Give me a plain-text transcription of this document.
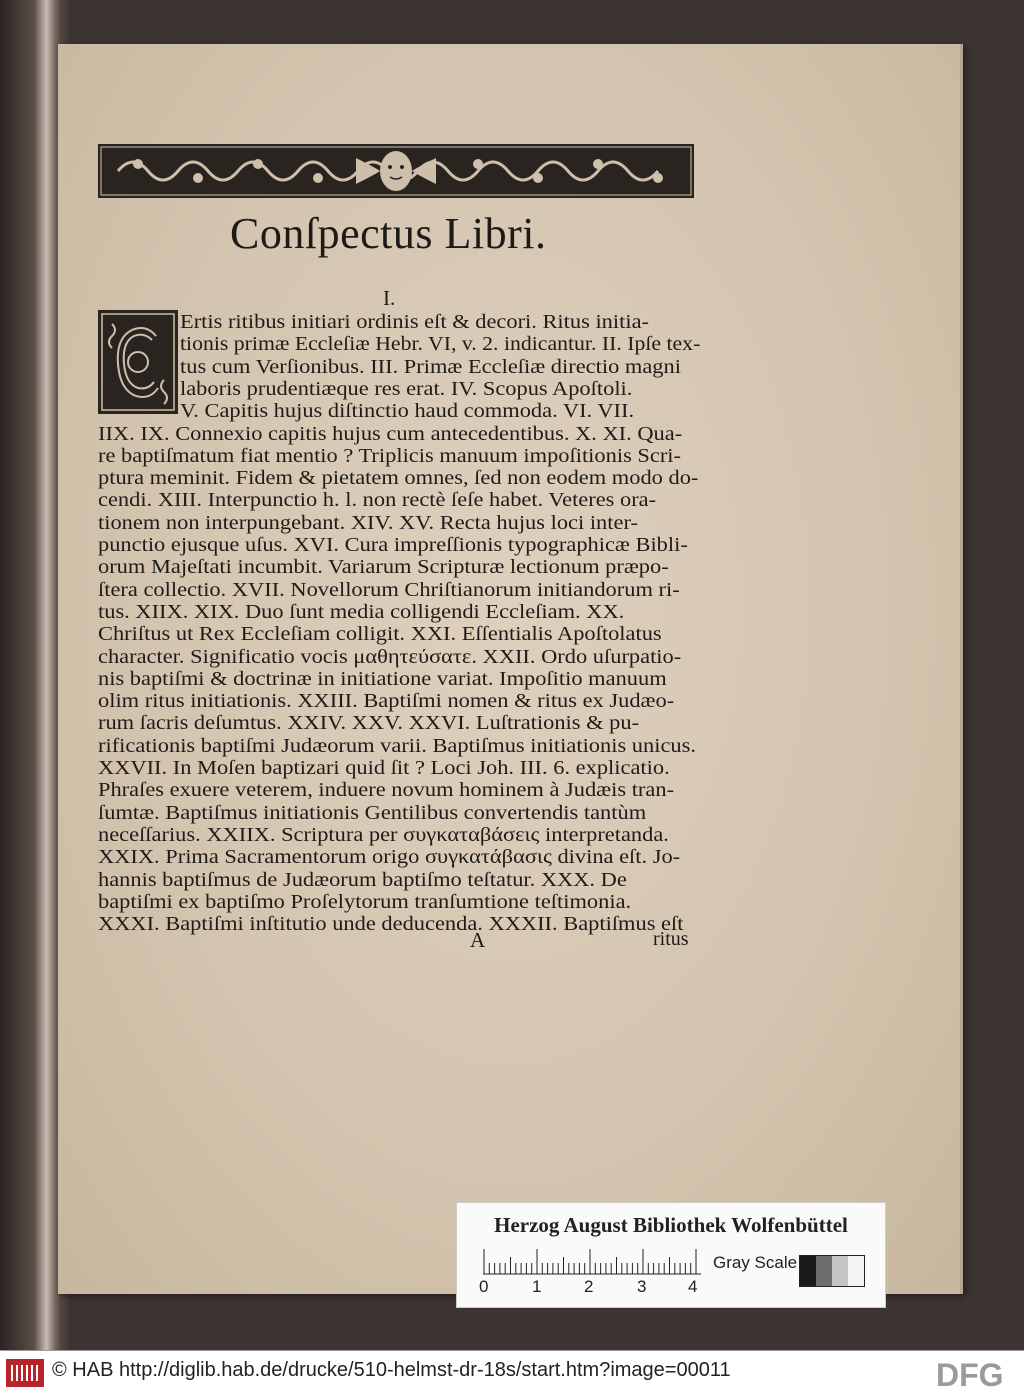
Conſpectus Libri.
I.
Ertis ritibus initiari ordinis eſt & decori. Ritus initia-
tionis primæ Eccleſiæ Hebr. VI, v. 2. indicantur. II. Ipſe tex-
tus cum Verſionibus. III. Primæ Eccleſiæ directio magni
laboris prudentiæque res erat. IV. Scopus Apoſtoli.
V. Capitis hujus diſtinctio haud commoda. VI. VII.
IIX. IX. Connexio capitis hujus cum antecedentibus. X. XI. Qua-
re baptiſmatum fiat mentio ? Triplicis manuum impoſitionis Scri-
ptura meminit. Fidem & pietatem omnes, ſed non eodem modo do-
cendi. XIII. Interpunctio h. l. non rectè ſeſe habet. Veteres ora-
tionem non interpungebant. XIV. XV. Recta hujus loci inter-
punctio ejusque uſus. XVI. Cura impreſſionis typographicæ Bibli-
orum Majeſtati incumbit. Variarum Scripturæ lectionum præpo-
ſtera collectio. XVII. Novellorum Chriſtianorum initiandorum ri-
tus. XIIX. XIX. Duo ſunt media colligendi Eccleſiam. XX.
Chriſtus ut Rex Eccleſiam colligit. XXI. Eſſentialis Apoſtolatus
character. Significatio vocis μαθητεύσατε. XXII. Ordo uſurpatio-
nis baptiſmi & doctrinæ in initiatione variat. Impoſitio manuum
olim ritus initiationis. XXIII. Baptiſmi nomen & ritus ex Judæo-
rum ſacris deſumtus. XXIV. XXV. XXVI. Luſtrationis & pu-
rificationis baptiſmi Judæorum varii. Baptiſmus initiationis unicus.
XXVII. In Moſen baptizari quid ſit ? Loci Joh. III. 6. explicatio.
Phraſes exuere veterem, induere novum hominem à Judæis tran-
ſumtæ. Baptiſmus initiationis Gentilibus convertendis tantùm
neceſſarius. XXIIX. Scriptura per συγκαταβάσεις interpretanda.
XXIX. Prima Sacramentorum origo συγκατάβασις divina eſt. Jo-
hannis baptiſmus de Judæorum baptiſmo teſtatur. XXX. De
baptiſmi ex baptiſmo Proſelytorum tranſumtione teſtimonia.
XXXI. Baptiſmi inſtitutio unde deducenda. XXXII. Baptiſmus eſt
A	ritus
Herzog August Bibliothek Wolfenbüttel
0	1	2	3 4
Gray Scale
© HAB http://diglib.hab.de/drucke/510-helmst-dr-18s/start.htm?image=00011	DFG
